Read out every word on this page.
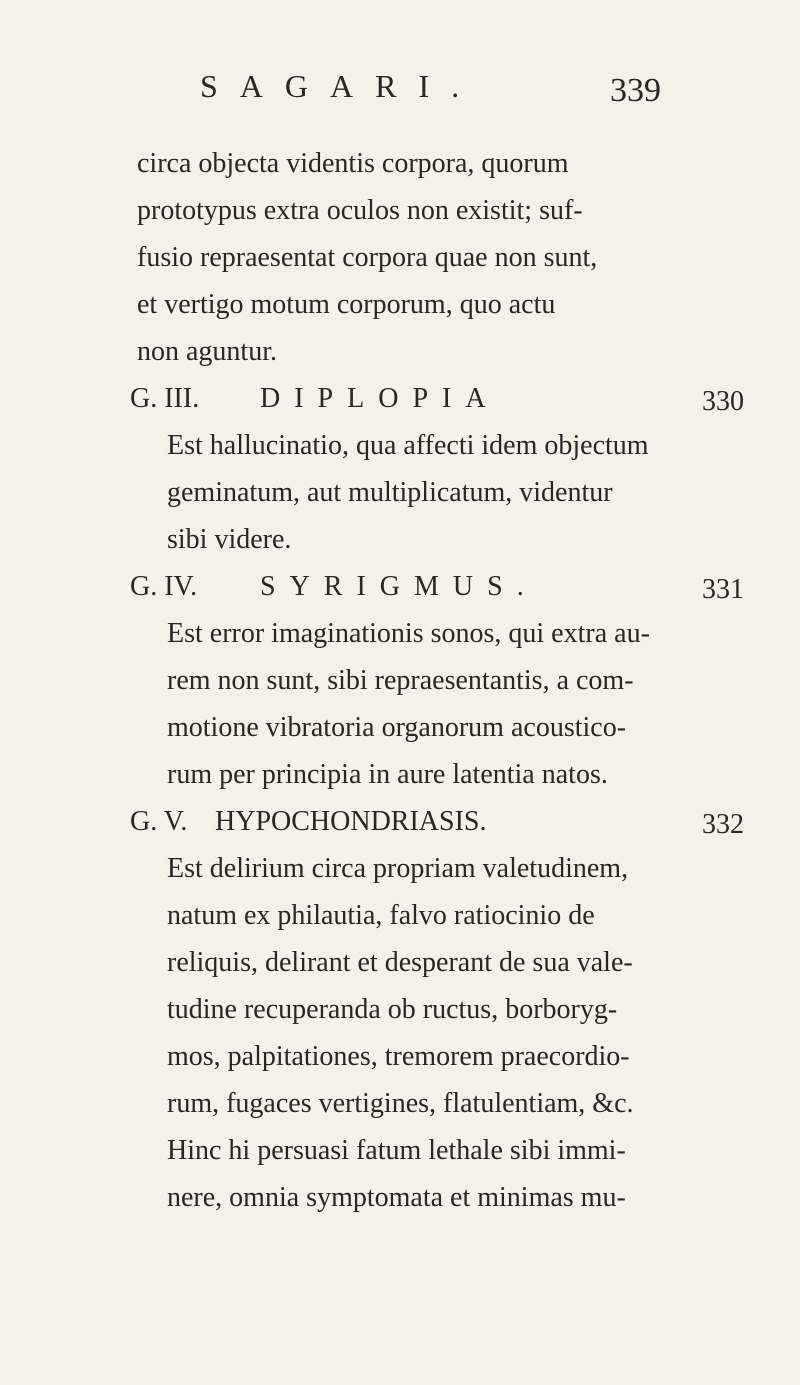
SAGARI.	339
circa objecta videntis corpora, quorum
prototypus extra oculos non existit; suf-
fusio repraesentat corpora quae non sunt,
et vertigo motum corporum, quo actu
non aguntur.
G. III. DIPLOPIA	330
Est hallucinatio, qua affecti idem objectum
geminatum, aut multiplicatum, videntur
sibi videre.
G. IV. SYRIGMUS.	331
Est error imaginationis sonos, qui extra au-
rem non sunt, sibi repraesentantis, a com-
motione vibratoria organorum acoustico-
rum per principia in aure latentia natos.
G. V. HYPOCHONDRIASIS.	332
Est delirium circa propriam valetudinem,
natum ex philautia, falvo ratiocinio de
reliquis, delirant et desperant de sua vale-
tudine recuperanda ob ructus, borboryg-
mos, palpitationes, tremorem praecordio-
rum, fugaces vertigines, flatulentiam, &c.
Hinc hi persuasi fatum lethale sibi immi-
nere, omnia symptomata et minimas mu-
